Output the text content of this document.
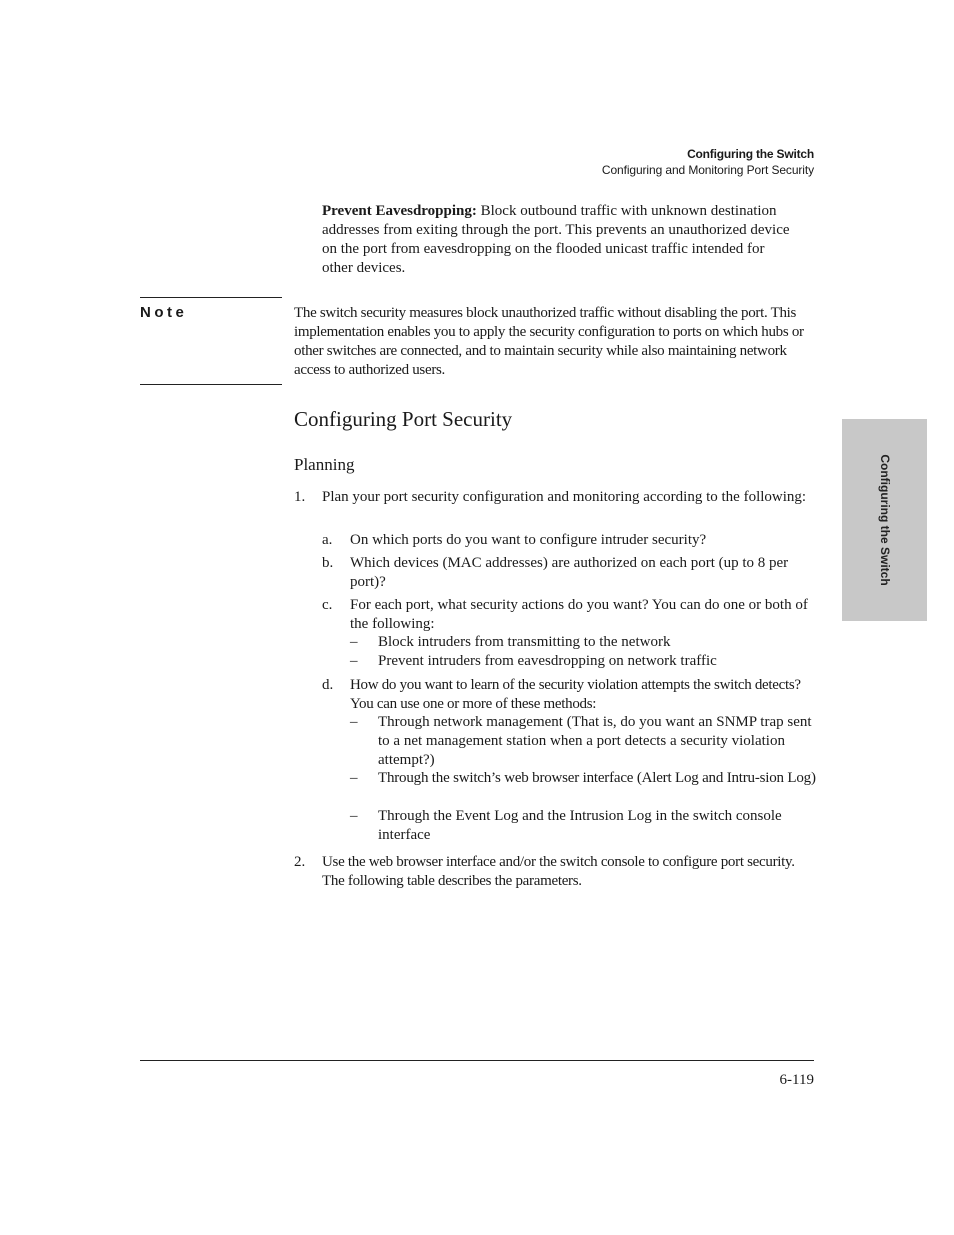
Configuring the Switch
Configuring and Monitoring Port Security
Prevent Eavesdropping: Block outbound traffic with unknown destination addresses from exiting through the port. This prevents an unauthorized device on the port from eavesdropping on the flooded unicast traffic intended for other devices.
Note	The switch security measures block unauthorized traffic without disabling the port. This implementation enables you to apply the security configuration to ports on which hubs or other switches are connected, and to maintain security while also maintaining network access to authorized users.
Configuring Port Security
Planning
1. Plan your port security configuration and monitoring according to the following:
a. On which ports do you want to configure intruder security?
b. Which devices (MAC addresses) are authorized on each port (up to 8 per port)?
c. For each port, what security actions do you want? You can do one or both of the following:
– Block intruders from transmitting to the network
– Prevent intruders from eavesdropping on network traffic
d. How do you want to learn of the security violation attempts the switch detects? You can use one or more of these methods:
– Through network management (That is, do you want an SNMP trap sent to a net management station when a port detects a security violation attempt?)
– Through the switch’s web browser interface (Alert Log and Intru-sion Log)
– Through the Event Log and the Intrusion Log in the switch console interface
2. Use the web browser interface and/or the switch console to configure port security. The following table describes the parameters.
Configuring the Switch
6-119
